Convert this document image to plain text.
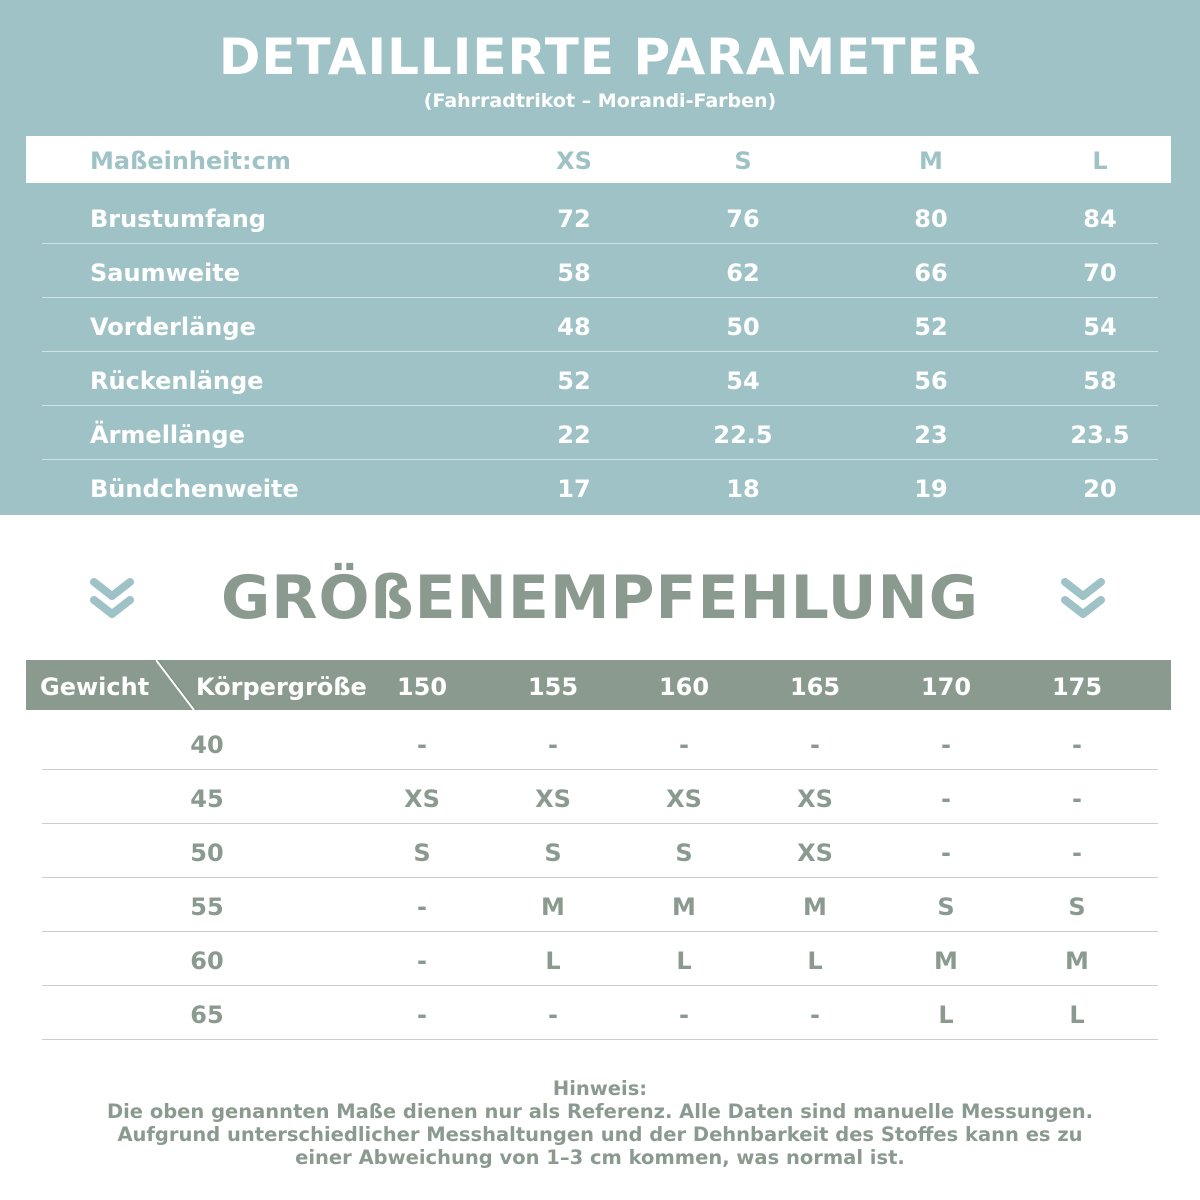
DETAILLIERTE PARAMETER
(Fahrradtrikot – Morandi-Farben)
Maßeinheit:cm	XS	S	M	L
Brustumfang	72	76	80	84
Saumweite	58	62	66	70
Vorderlänge	48	50	52	54
Rückenlänge	52	54	56	58
Ärmellänge	22	22.5	23	23.5
Bündchenweite	17	18	19	20
GRÖßENEMPFEHLUNG
Gewicht Körpergröße	150	155	160	165	170	175
40	-	-	-	-	-	-
45	XS	XS	XS	XS	-	-
50	S	S	S	XS	-	-
55	-	M	M	M	S	S
60	-	L	L	L	M	M
65	-	-	-	-	L	L
Hinweis:
Die oben genannten Maße dienen nur als Referenz. Alle Daten sind manuelle Messungen.
Aufgrund unterschiedlicher Messhaltungen und der Dehnbarkeit des Stoffes kann es zu
einer Abweichung von 1–3 cm kommen, was normal ist.
